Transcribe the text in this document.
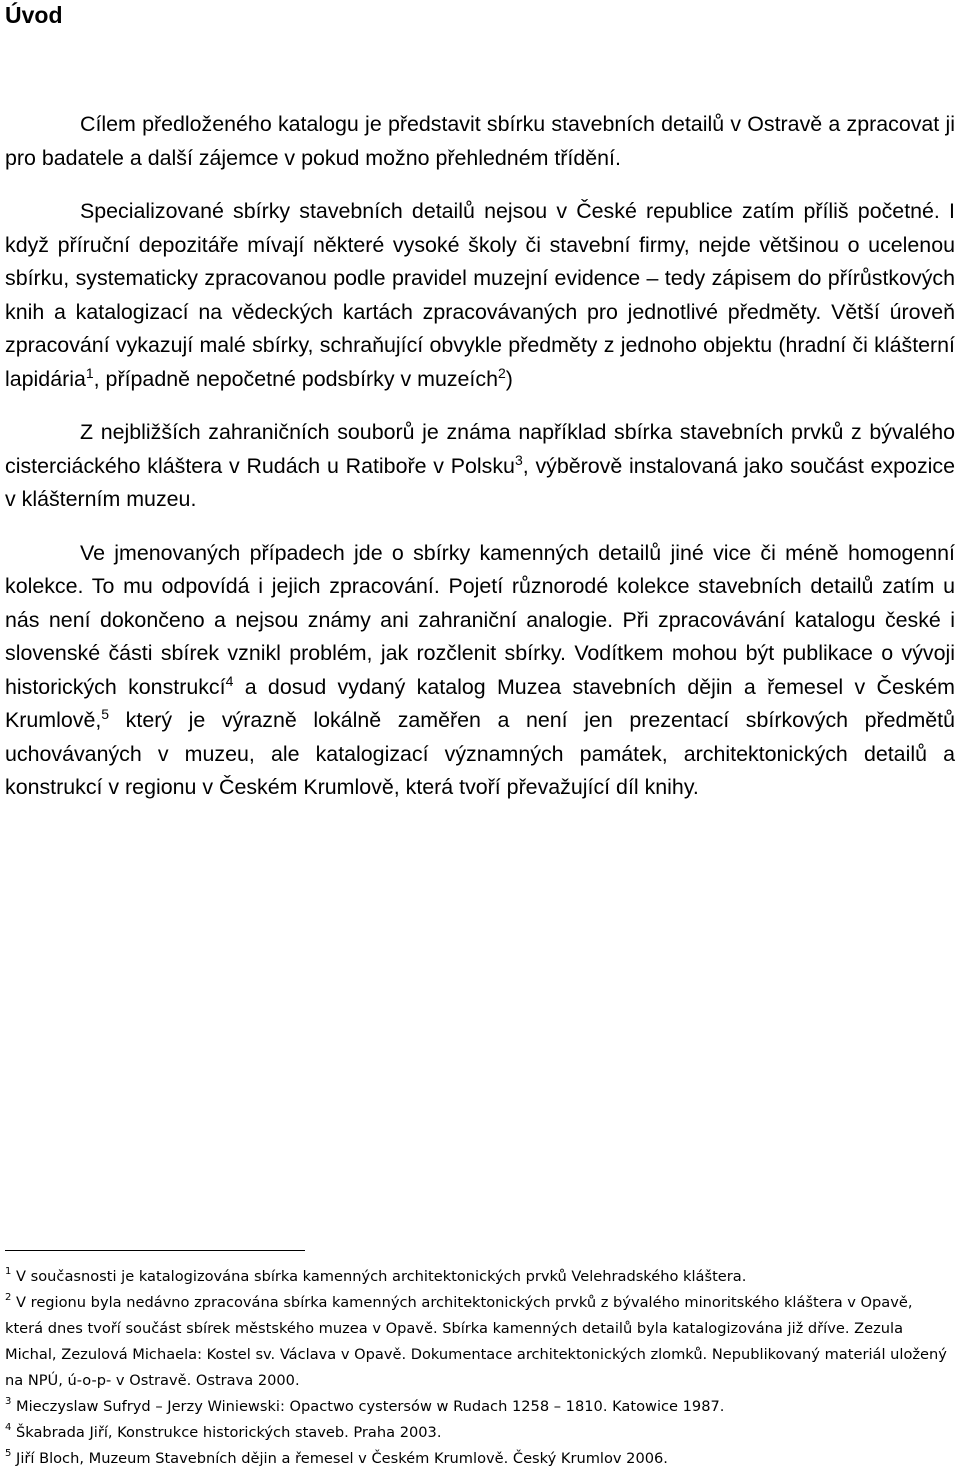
Úvod

Cílem předloženého katalogu je představit sbírku stavebních detailů v Ostravě a zpracovat ji pro badatele a další zájemce v pokud možno přehledném třídění.

Specializované sbírky stavebních detailů nejsou v České republice zatím příliš početné. I když příruční depozitáře mívají některé vysoké školy či stavební firmy, nejde většinou o ucelenou sbírku, systematicky zpracovanou podle pravidel muzejní evidence – tedy zápisem do přírůstkových knih a katalogizací na vědeckých kartách zpracovávaných pro jednotlivé předměty. Větší úroveň zpracování vykazují malé sbírky, schraňující obvykle předměty z jednoho objektu (hradní či klášterní lapidária$^1$, případně nepočetné podsbírky v muzeích$^2$)

Z nejbližších zahraničních souborů je známa například sbírka stavebních prvků z bývalého cisterciáckého kláštera v Rudách u Ratiboře v Polsku$^3$, výběrově instalovaná jako součást expozice v klášterním muzeu.

Ve jmenovaných případech jde o sbírky kamenných detailů jiné vice či méně homogenní kolekce. To mu odpovídá i jejich zpracování. Pojetí různorodé kolekce stavebních detailů zatím u nás není dokončeno a nejsou známy ani zahraniční analogie. Při zpracovávání katalogu české i slovenské části sbírek vznikl problém, jak rozčlenit sbírky. Vodítkem mohou být publikace o vývoji historických konstrukcí$^4$ a dosud vydaný katalog Muzea stavebních dějin a řemesel v Českém Krumlově,$^5$ který je výrazně lokálně zaměřen a není jen prezentací sbírkových předmětů uchovávaných v muzeu, ale katalogizací významných památek, architektonických detailů a konstrukcí v regionu v Českém Krumlově, která tvoří převažující díl knihy.

$^1$ V současnosti je katalogizována sbírka kamenných architektonických prvků Velehradského kláštera.

$^2$ V regionu byla nedávno zpracována sbírka kamenných architektonických prvků z bývalého minoritského kláštera v Opavě, která dnes tvoří součást sbírek městského muzea v Opavě. Sbírka kamenných detailů byla katalogizována již dříve. Zezula Michal, Zezulová Michaela: Kostel sv. Václava v Opavě. Dokumentace architektonických zlomků. Nepublikovaný materiál uložený na NPÚ, ú-o-p- v Ostravě. Ostrava 2000.

$^3$ Mieczyslaw Sufryd – Jerzy Winiewski: Opactwo cystersów w Rudach 1258 – 1810. Katowice 1987.

$^4$ Škabrada Jiří, Konstrukce historických staveb. Praha 2003.

$^5$ Jiří Bloch, Muzeum Stavebních dějin a řemesel v Českém Krumlově. Český Krumlov 2006.
